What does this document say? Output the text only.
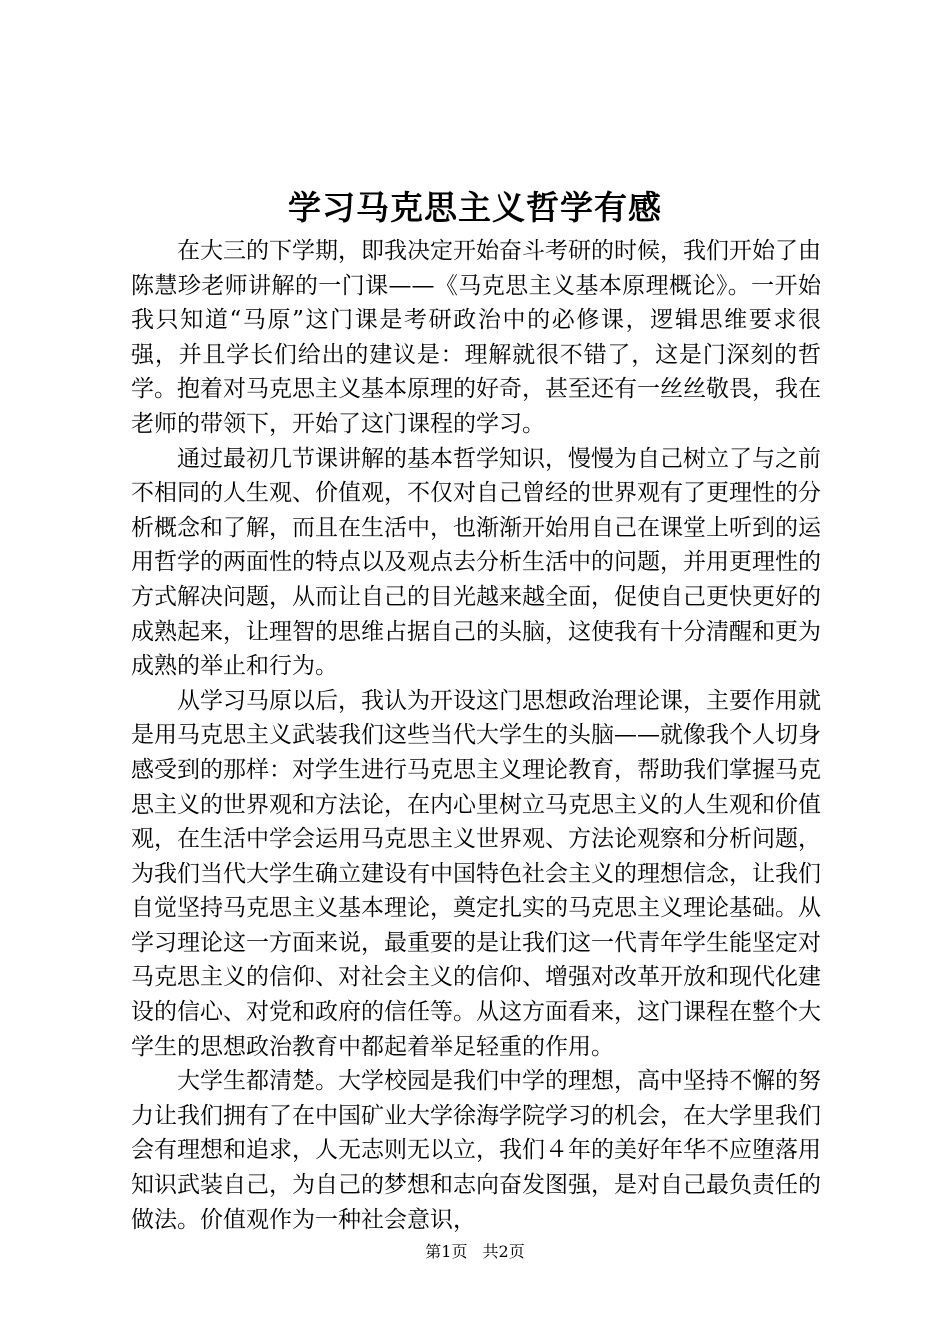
学习马克思主义哲学有感

在大三的下学期，即我决定开始奋斗考研的时候，我们开始了由陈慧珍老师讲解的一门课——《马克思主义基本原理概论》。一开始我只知道“马原”这门课是考研政治中的必修课，逻辑思维要求很强，并且学长们给出的建议是：理解就很不错了，这是门深刻的哲学。抱着对马克思主义基本原理的好奇，甚至还有一丝丝敬畏，我在老师的带领下，开始了这门课程的学习。

通过最初几节课讲解的基本哲学知识，慢慢为自己树立了与之前不相同的人生观、价值观，不仅对自己曾经的世界观有了更理性的分析概念和了解，而且在生活中，也渐渐开始用自己在课堂上听到的运用哲学的两面性的特点以及观点去分析生活中的问题，并用更理性的方式解决问题，从而让自己的目光越来越全面，促使自己更快更好的成熟起来，让理智的思维占据自己的头脑，这使我有十分清醒和更为成熟的举止和行为。

从学习马原以后，我认为开设这门思想政治理论课，主要作用就是用马克思主义武装我们这些当代大学生的头脑——就像我个人切身感受到的那样：对学生进行马克思主义理论教育，帮助我们掌握马克思主义的世界观和方法论，在内心里树立马克思主义的人生观和价值观，在生活中学会运用马克思主义世界观、方法论观察和分析问题，为我们当代大学生确立建设有中国特色社会主义的理想信念，让我们自觉坚持马克思主义基本理论，奠定扎实的马克思主义理论基础。从学习理论这一方面来说，最重要的是让我们这一代青年学生能坚定对马克思主义的信仰、对社会主义的信仰、增强对改革开放和现代化建设的信心、对党和政府的信任等。从这方面看来，这门课程在整个大学生的思想政治教育中都起着举足轻重的作用。

大学生都清楚。大学校园是我们中学的理想，高中坚持不懈的努力让我们拥有了在中国矿业大学徐海学院学习的机会，在大学里我们会有理想和追求，人无志则无以立，我们４年的美好年华不应堕落用知识武装自己，为自己的梦想和志向奋发图强，是对自己最负责任的做法。价值观作为一种社会意识，

第1页 共2页
